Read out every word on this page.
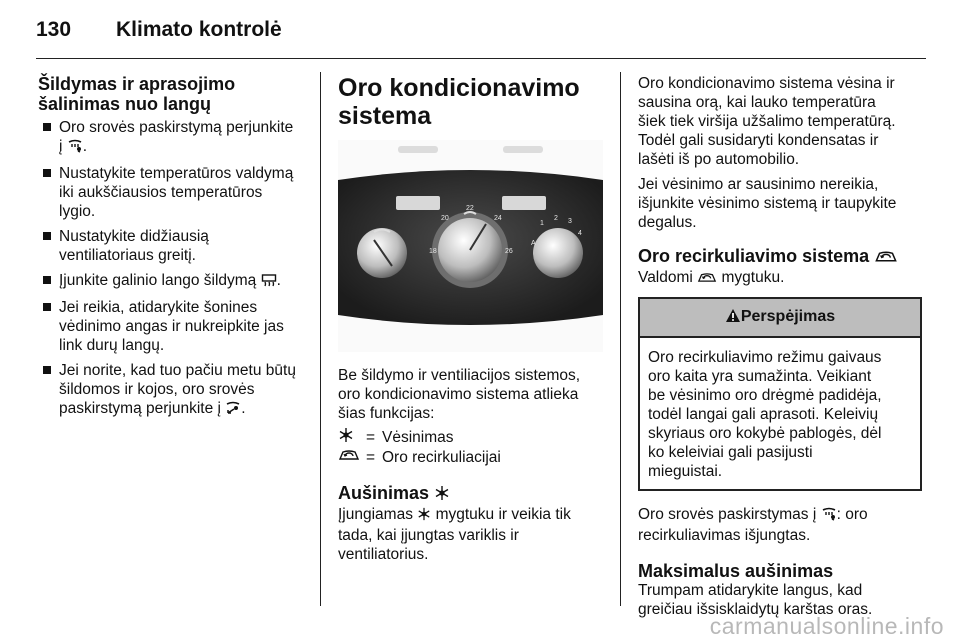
130 Klimato kontrolė
Šildymas ir aprasojimo
šalinimas nuo langų
Oro srovės paskirstymą perjunkite
į .
Nustatykite temperatūros valdymą
iki aukščiausios temperatūros
lygio.
Nustatykite didžiausią
ventiliatoriaus greitį.
Įjunkite galinio lango šildymą .
Jei reikia, atidarykite šonines
vėdinimo angas ir nukreipkite jas
link durų langų.
Jei norite, kad tuo pačiu metu būtų
šildomos ir kojos, oro srovės
paskirstymą perjunkite į .
Oro kondicionavimo
sistema
18 20 22 24 26 A 1 2 3 4
Be šildymo ir ventiliacijos sistemos,
oro kondicionavimo sistema atlieka
šias funkcijas:
= Vėsinimas
= Oro recirkuliacijai
Aušinimas
Įjungiamas mygtuku ir veikia tik
tada, kai įjungtas variklis ir
ventiliatorius.

Oro kondicionavimo sistema vėsina ir
sausina orą, kai lauko temperatūra
šiek tiek viršija užšalimo temperatūrą.
Todėl gali susidaryti kondensatas ir
lašėti iš po automobilio.

Jei vėsinimo ar sausinimo nereikia,
išjunkite vėsinimo sistemą ir taupykite
degalus.

Oro recirkuliavimo sistema
Valdomi mygtuku.
Perspėjimas
Oro recirkuliavimo režimu gaivaus
oro kaita yra sumažinta. Veikiant
be vėsinimo oro drėgmė padidėja,
todėl langai gali aprasoti. Keleivių
skyriaus oro kokybė pablogės, dėl
ko keleiviai gali pasijusti
mieguistai.
Oro srovės paskirstymas į : oro
recirkuliavimas išjungtas.
Maksimalus aušinimas
Trumpam atidarykite langus, kad
greičiau išsisklaidytų karštas oras.
carmanualsonline.info
